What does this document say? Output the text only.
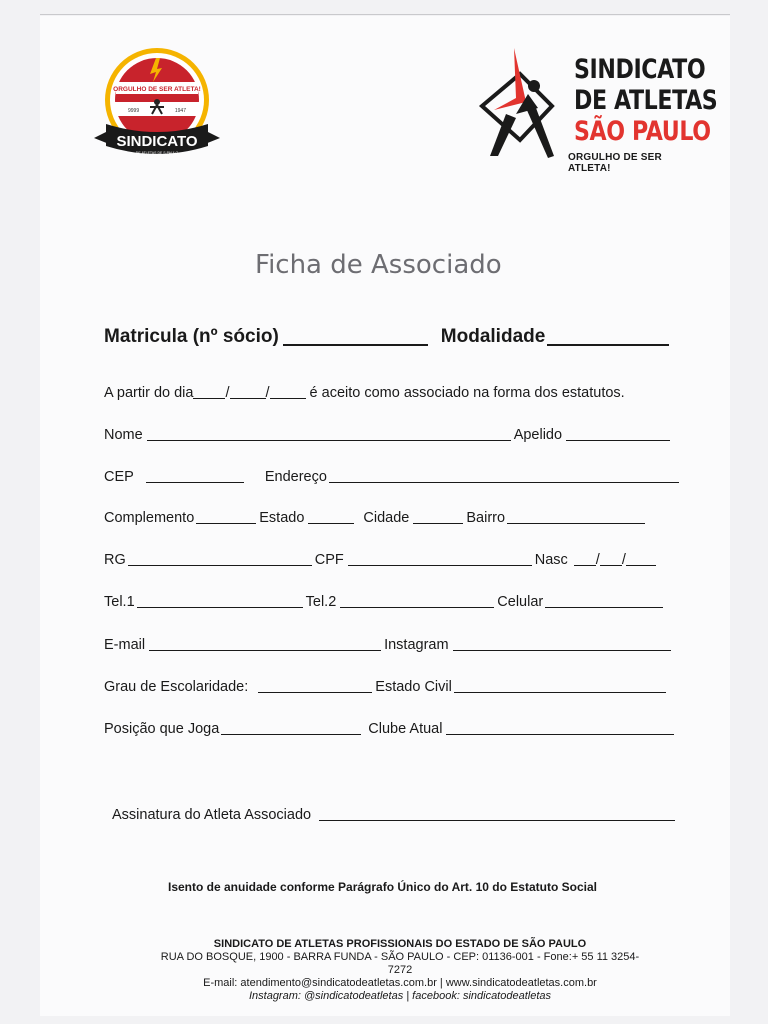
ORGULHO DE SER ATLETA!
9999	1947
SINDICATO
DE ATLETAS DE S.PAULO
SINDICATO
DE ATLETAS
SÃO PAULO
ORGULHO DE SER ATLETA!
Ficha de Associado
Matricula (nº sócio)	Modalidade
A partir do dia / /	é aceito como associado na forma dos estatutos.
Nome	Apelido
CEP	Endereço
Complemento	Estado	Cidade	Bairro
RG	CPF	Nasc / /
Tel.1	Tel.2	Celular
E-mail	Instagram
Grau de Escolaridade:	Estado Civil
Posição que Joga	Clube Atual
Assinatura do Atleta Associado
Isento de anuidade conforme Parágrafo Único do Art. 10 do Estatuto Social
SINDICATO DE ATLETAS PROFISSIONAIS DO ESTADO DE SÃO PAULO
RUA DO BOSQUE, 1900 - BARRA FUNDA - SÃO PAULO - CEP: 01136-001 - Fone:+ 55 11 3254-7272
E-mail: atendimento@sindicatodeatletas.com.br | www.sindicatodeatletas.com.br
Instagram: @sindicatodeatletas | facebook: sindicatodeatletas
